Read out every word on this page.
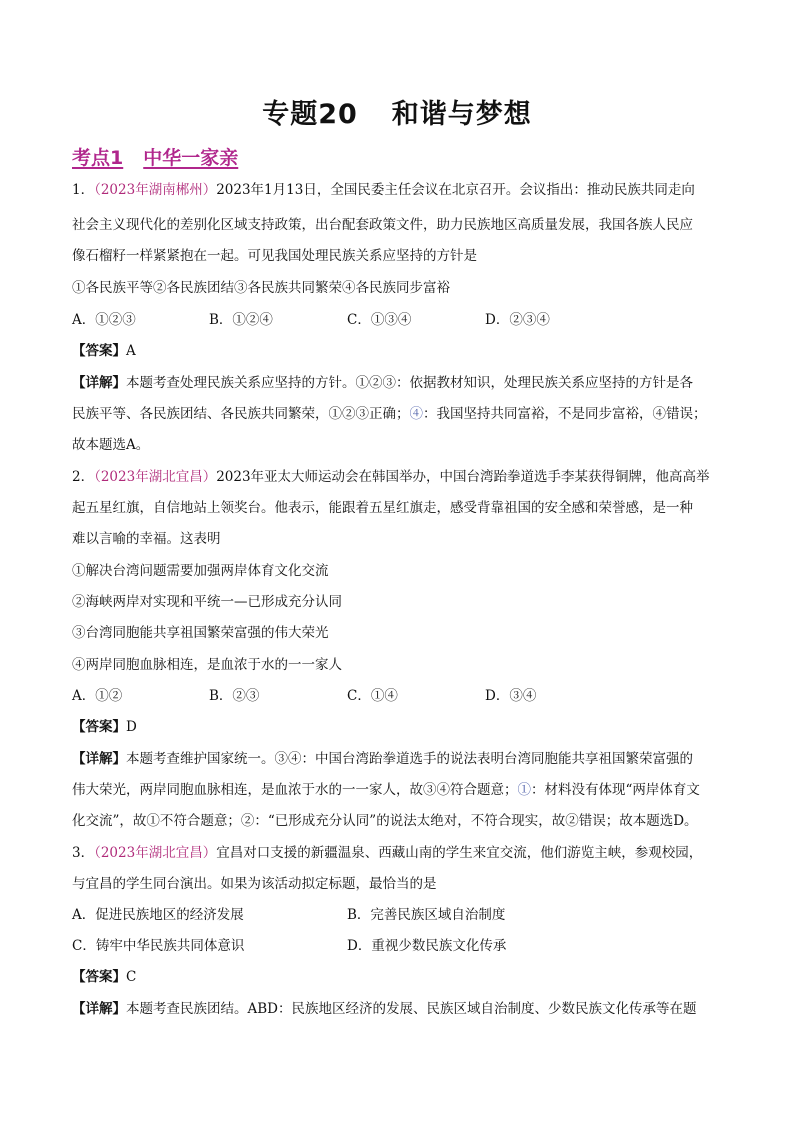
专题20 和谐与梦想
考点1 中华一家亲
1．（2023年湖南郴州）2023年1月13日，全国民委主任会议在北京召开。会议指出：推动民族共同走向
社会主义现代化的差别化区域支持政策，出台配套政策文件，助力民族地区高质量发展，我国各族人民应
像石榴籽一样紧紧抱在一起。可见我国处理民族关系应坚持的方针是
①各民族平等②各民族团结③各民族共同繁荣④各民族同步富裕
A．①②③	B．①②④	C．①③④	D．②③④
【答案】A
【详解】本题考查处理民族关系应坚持的方针。①②③：依据教材知识，处理民族关系应坚持的方针是各
民族平等、各民族团结、各民族共同繁荣，①②③正确；④：我国坚持共同富裕，不是同步富裕，④错误；
故本题选A。
2．（2023年湖北宜昌）2023年亚太大师运动会在韩国举办，中国台湾跆拳道选手李某获得铜牌，他高高举
起五星红旗，自信地站上领奖台。他表示，能跟着五星红旗走，感受背靠祖国的安全感和荣誉感，是一种
难以言喻的幸福。这表明
①解决台湾问题需要加强两岸体育文化交流
②海峡两岸对实现和平统一—已形成充分认同
③台湾同胞能共享祖国繁荣富强的伟大荣光
④两岸同胞血脉相连，是血浓于水的一一家人
A．①②	B．②③	C．①④	D．③④
【答案】D
【详解】本题考查维护国家统一。③④：中国台湾跆拳道选手的说法表明台湾同胞能共享祖国繁荣富强的
伟大荣光，两岸同胞血脉相连，是血浓于水的一一家人，故③④符合题意；①：材料没有体现“两岸体育文
化交流”，故①不符合题意；②：“已形成充分认同”的说法太绝对，不符合现实，故②错误；故本题选D。
3．（2023年湖北宜昌）宜昌对口支援的新疆温泉、西藏山南的学生来宜交流，他们游览主峡，参观校园，
与宜昌的学生同台演出。如果为该活动拟定标题，最恰当的是
A．促进民族地区的经济发展	B．完善民族区域自治制度
C．铸牢中华民族共同体意识	D．重视少数民族文化传承
【答案】C
【详解】本题考查民族团结。ABD：民族地区经济的发展、民族区域自治制度、少数民族文化传承等在题
